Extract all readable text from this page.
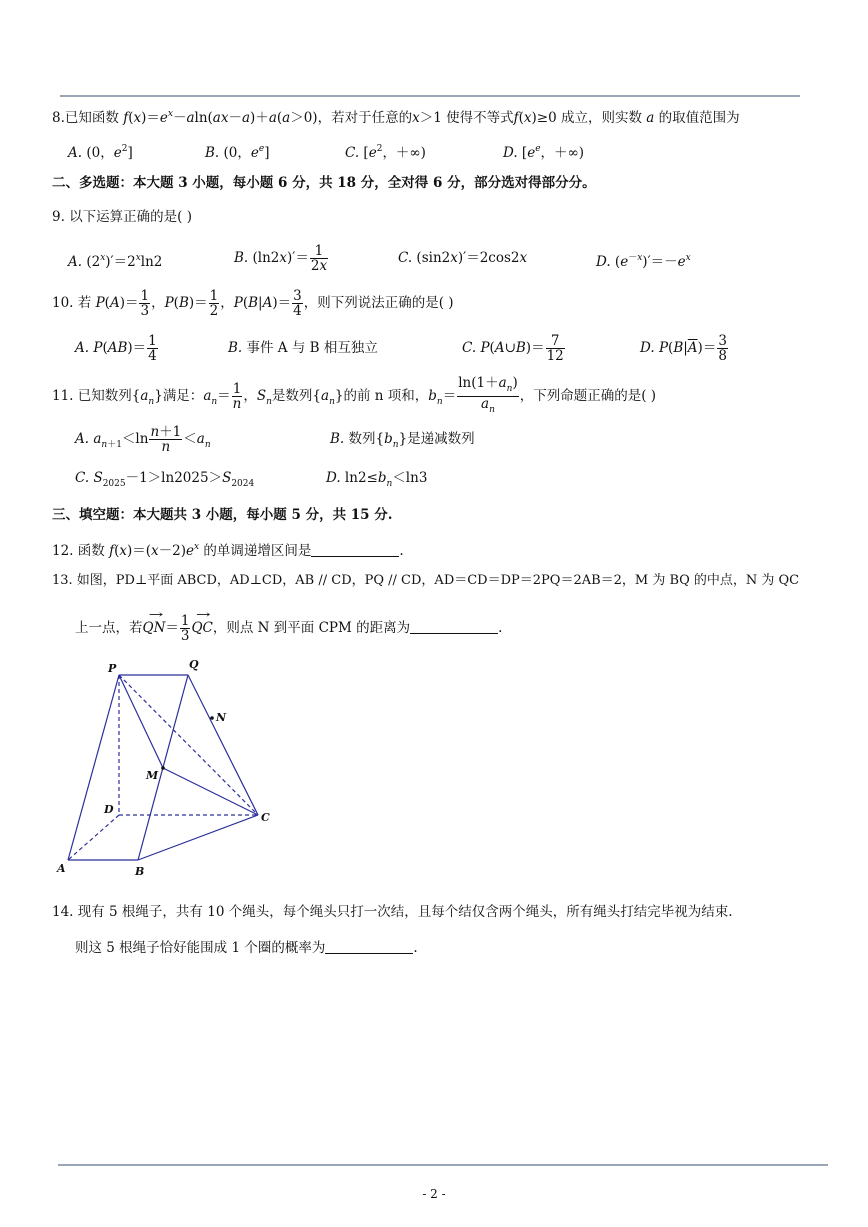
8.已知函数 $f(x)=e^x-aln(ax-a)+a(a>0)$，若对于任意的x＞1 使得不等式f(x)≥0 成立，则实数 a 的取值范围为
A. (0，$e^2$]	B. (0，$e^e$]	C. [$e^2$，＋∞)	D. [$e^e$，＋∞)
二、多选题：本大题 3 小题，每小题 6 分，共 18 分，全对得 6 分，部分选对得部分分。
9. 以下运算正确的是( )
A. $(2^x)'=2^x\ln 2$	B. $(\ln 2x)'= \frac{1}{2x}$	C. (sin2x)′＝2cos2x	D. $(e^{-x})'=-e^x$
10. 若 $P(A)= \frac{1}{3}$ ，$P(B)= \frac{1}{2}$ ，$P(B|A)= \frac{3}{4}$ ，则下列说法正确的是( )
A. $P(AB)= \frac{1}{4}$	B. 事件 A 与 B 相互独立	C. P(A∪B)＝ $\frac{7}{12}$	D. $P(B|\overline{A})= \frac{3}{8}$
11. 已知数列$\{a_n\}$满足：$a_n= \frac{1}{n}$ ，$S_n$是数列$\{a_n\}$的前 n 项和，$b_n= \frac{\ln(1+a_n)}{a_n}$ ，下列命题正确的是( )
A. $a_{n+1}<\ln \frac{n+1}{n} <a_n$	B. 数列$\{b_n\}$是递减数列
C. $S_{2025}-1>\ln 2025>S_{2024}$	D. $\ln 2\le b_n<\ln 3$
三、填空题：本大题共 3 小题，每小题 5 分，共 15 分.
12. 函数 $f(x)=(x-2)e^x$ 的单调递增区间是	.
13. 如图，PD⊥平面 ABCD，AD⊥CD，AB // CD，PQ // CD，AD＝CD＝DP＝2PQ＝2AB＝2，M 为 BQ 的中点，N 为 QC
上一点，若→ $QN= \frac{1}{3}$ → QC，则点 N 到平面 CPM 的距离为	.
P	Q
N
M
D
C
A	B
14. 现有 5 根绳子，共有 10 个绳头，每个绳头只打一次结，且每个结仅含两个绳头，所有绳头打结完毕视为结束.
则这 5 根绳子恰好能围成 1 个圈的概率为	.
- 2 -
